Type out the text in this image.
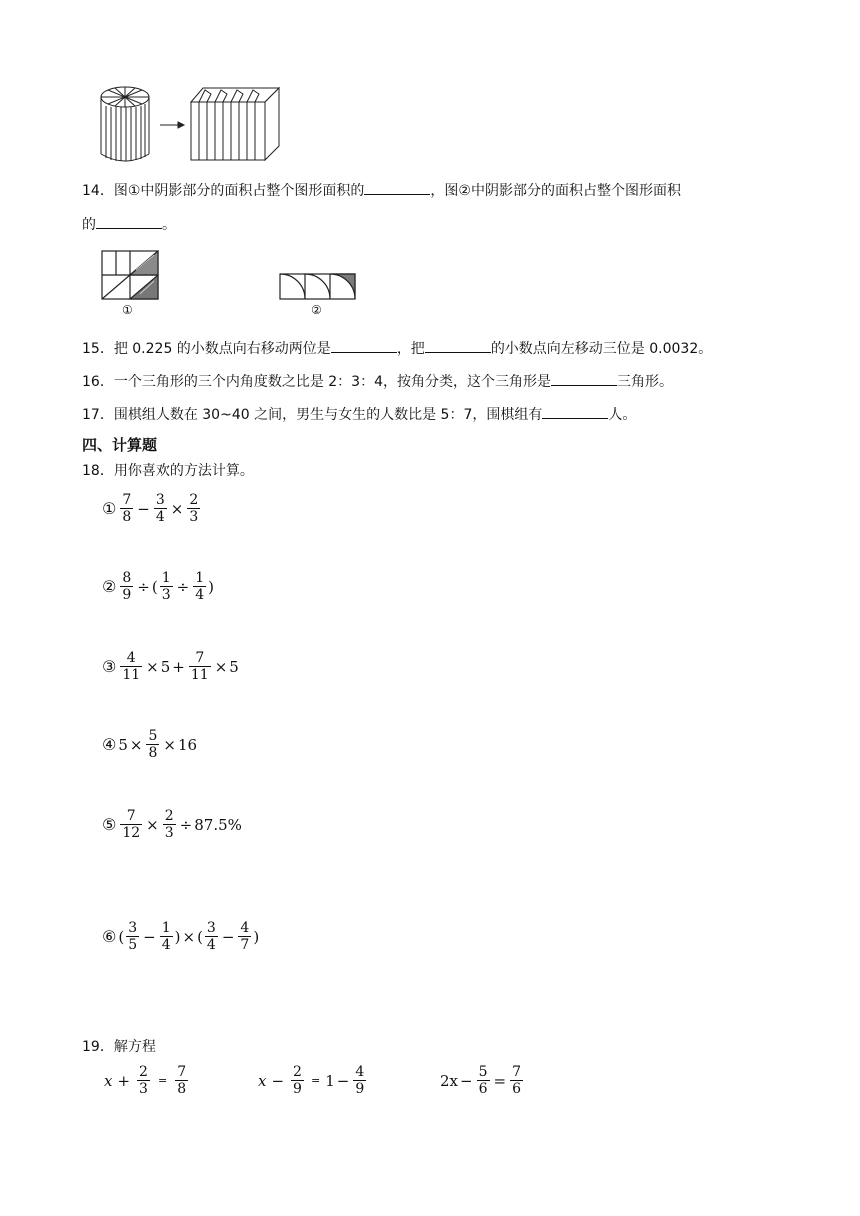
14．图①中阴影部分的面积占整个图形面积的	，图②中阴影部分的面积占整个图形面积
的	。
①	②
15．把 0.225 的小数点向右移动两位是	，把	的小数点向左移动三位是 0.0032。
16．一个三角形的三个内角度数之比是 2：3：4，按角分类，这个三角形是	三角形。
17．围棋组人数在 30~40 之间，男生与女生的人数比是 5：7，围棋组有	人。
四、计算题
18．用你喜欢的方法计算。
① $\frac{7}{8} - \frac{3}{4} \times \frac{2}{3}$
② $\frac{8}{9}$ ÷ ( $\frac{1}{3} \div \frac{1}{4}$ )
③ $\frac{4}{11} \times 5 + \frac{7}{11} \times 5$
④ $5 \times \frac{5}{8} \times 16$
⑤ $\frac{7}{12} \times \frac{2}{3} \div 87.5\%$
⑥ ( $\frac{3}{5} - \frac{1}{4}$ ) × ( $\frac{3}{4} - \frac{4}{7}$ )
19．解方程
$x + \frac{2}{3} = \frac{7}{8}$	$x - \frac{2}{9} = 1 - \frac{4}{9}$	$2x - \frac{5}{6} = \frac{7}{6}$
